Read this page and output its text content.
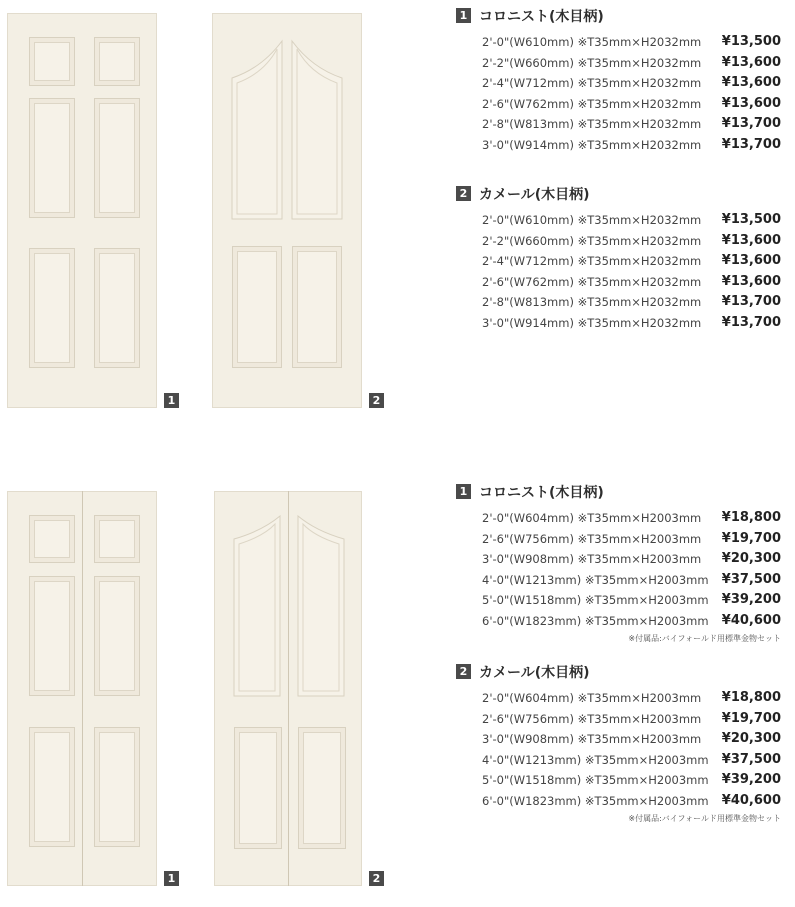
1	2
1	2
1 コロニスト(木目柄)
2'-0"(W610mm) ※T35mm×H2032mm ¥13,500
2'-2"(W660mm) ※T35mm×H2032mm ¥13,600
2'-4"(W712mm) ※T35mm×H2032mm ¥13,600
2'-6"(W762mm) ※T35mm×H2032mm ¥13,600
2'-8"(W813mm) ※T35mm×H2032mm ¥13,700
3'-0"(W914mm) ※T35mm×H2032mm ¥13,700
2 カメール(木目柄)
2'-0"(W610mm) ※T35mm×H2032mm ¥13,500
2'-2"(W660mm) ※T35mm×H2032mm ¥13,600
2'-4"(W712mm) ※T35mm×H2032mm ¥13,600
2'-6"(W762mm) ※T35mm×H2032mm ¥13,600
2'-8"(W813mm) ※T35mm×H2032mm ¥13,700
3'-0"(W914mm) ※T35mm×H2032mm ¥13,700
1 コロニスト(木目柄)
2'-0"(W604mm) ※T35mm×H2003mm ¥18,800
2'-6"(W756mm) ※T35mm×H2003mm ¥19,700
3'-0"(W908mm) ※T35mm×H2003mm ¥20,300
4'-0"(W1213mm) ※T35mm×H2003mm ¥37,500
5'-0"(W1518mm) ※T35mm×H2003mm ¥39,200
6'-0"(W1823mm) ※T35mm×H2003mm ¥40,600
※付属品:バイフォールド用標準金物セット
2 カメール(木目柄)
2'-0"(W604mm) ※T35mm×H2003mm ¥18,800
2'-6"(W756mm) ※T35mm×H2003mm ¥19,700
3'-0"(W908mm) ※T35mm×H2003mm ¥20,300
4'-0"(W1213mm) ※T35mm×H2003mm ¥37,500
5'-0"(W1518mm) ※T35mm×H2003mm ¥39,200
6'-0"(W1823mm) ※T35mm×H2003mm ¥40,600
※付属品:バイフォールド用標準金物セット
